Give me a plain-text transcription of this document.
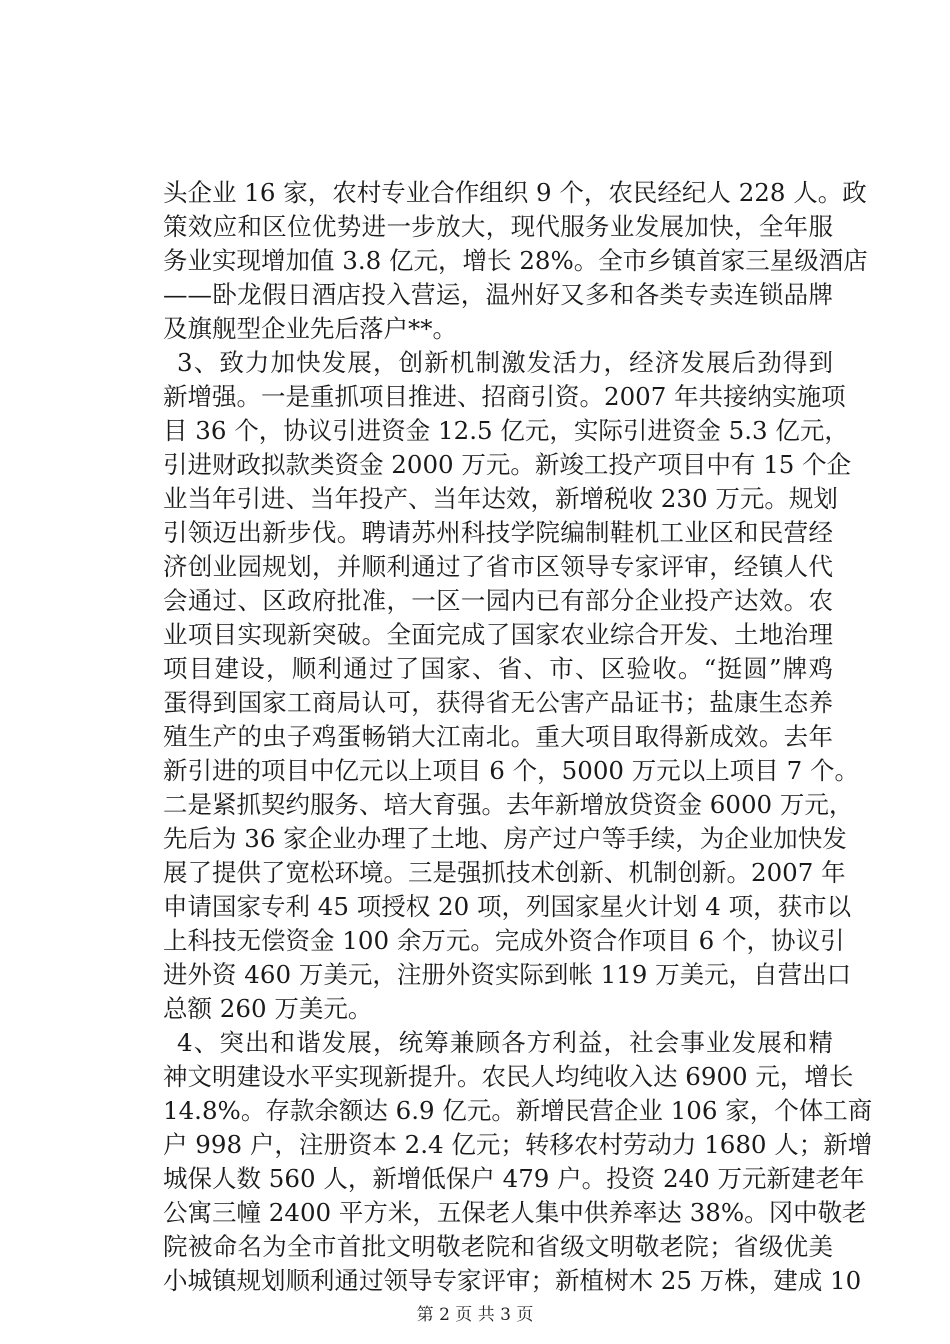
头企业 16 家，农村专业合作组织 9 个，农民经纪人 228 人。政
策效应和区位优势进一步放大，现代服务业发展加快，全年服
务业实现增加值 3.8 亿元，增长 28%。全市乡镇首家三星级酒店
——卧龙假日酒店投入营运，温州好又多和各类专卖连锁品牌
及旗舰型企业先后落户**。
3、致力加快发展，创新机制激发活力，经济发展后劲得到
新增强。一是重抓项目推进、招商引资。2007 年共接纳实施项
目 36 个，协议引进资金 12.5 亿元，实际引进资金 5.3 亿元，
引进财政拟款类资金 2000 万元。新竣工投产项目中有 15 个企
业当年引进、当年投产、当年达效，新增税收 230 万元。规划
引领迈出新步伐。聘请苏州科技学院编制鞋机工业区和民营经
济创业园规划，并顺利通过了省市区领导专家评审，经镇人代
会通过、区政府批准，一区一园内已有部分企业投产达效。农
业项目实现新突破。全面完成了国家农业综合开发、土地治理
项目建设，顺利通过了国家、省、市、区验收。“挺圆”牌鸡
蛋得到国家工商局认可，获得省无公害产品证书；盐康生态养
殖生产的虫子鸡蛋畅销大江南北。重大项目取得新成效。去年
新引进的项目中亿元以上项目 6 个，5000 万元以上项目 7 个。
二是紧抓契约服务、培大育强。去年新增放贷资金 6000 万元，
先后为 36 家企业办理了土地、房产过户等手续，为企业加快发
展了提供了宽松环境。三是强抓技术创新、机制创新。2007 年
申请国家专利 45 项授权 20 项，列国家星火计划 4 项，获市以
上科技无偿资金 100 余万元。完成外资合作项目 6 个，协议引
进外资 460 万美元，注册外资实际到帐 119 万美元，自营出口
总额 260 万美元。
4、突出和谐发展，统筹兼顾各方利益，社会事业发展和精
神文明建设水平实现新提升。农民人均纯收入达 6900 元，增长
14.8%。存款余额达 6.9 亿元。新增民营企业 106 家，个体工商
户 998 户，注册资本 2.4 亿元；转移农村劳动力 1680 人；新增
城保人数 560 人，新增低保户 479 户。投资 240 万元新建老年
公寓三幢 2400 平方米，五保老人集中供养率达 38%。冈中敬老
院被命名为全市首批文明敬老院和省级文明敬老院；省级优美
小城镇规划顺利通过领导专家评审；新植树木 25 万株，建成 10
第 2 页 共 3 页
